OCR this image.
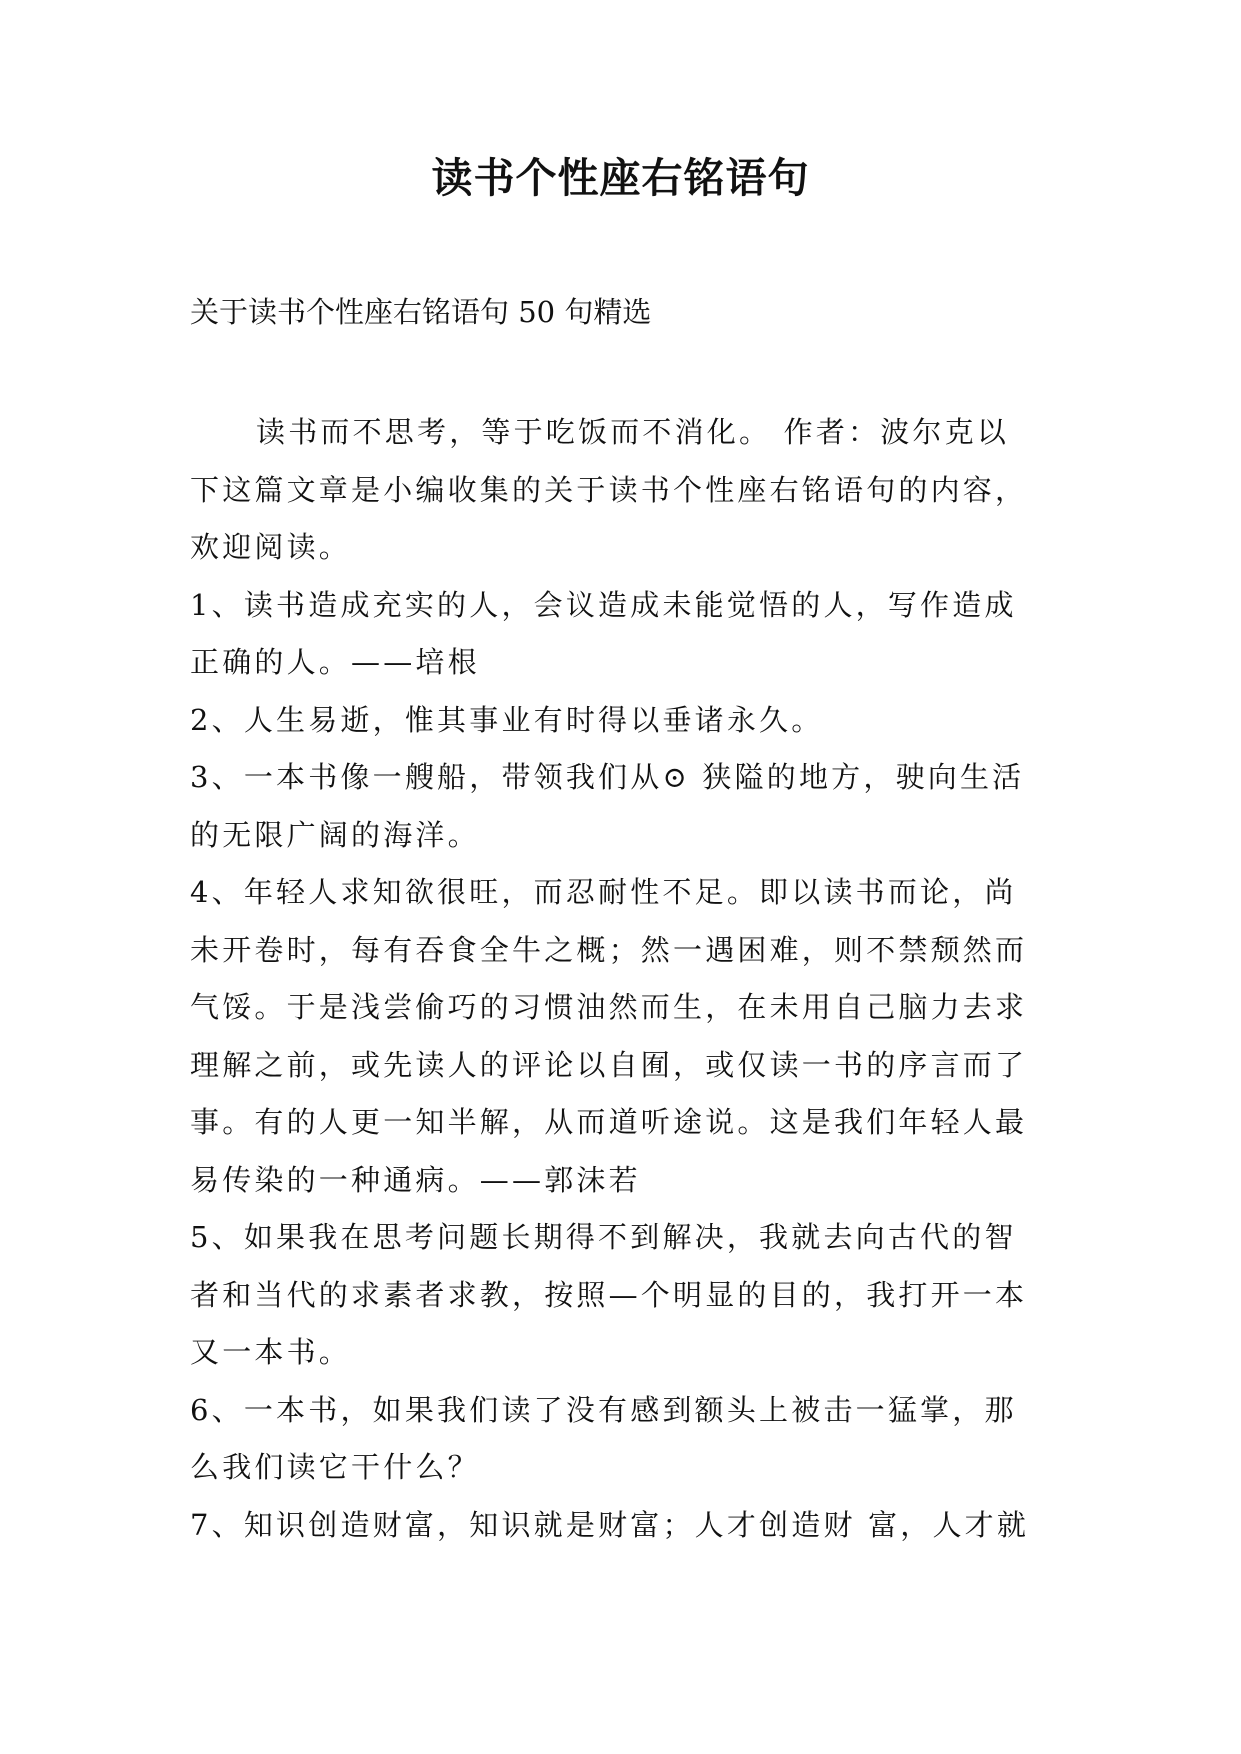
读书个性座右铭语句

关于读书个性座右铭语句 50 句精选

读书而不思考，等于吃饭而不消化。 作者：波尔克以
下这篇文章是小编收集的关于读书个性座右铭语句的内容，
欢迎阅读。
1、读书造成充实的人，会议造成未能觉悟的人，写作造成
正确的人。——培根
2、人生易逝，惟其事业有时得以垂诸永久。
3、一本书像一艘船，带领我们从⊙ 狭隘的地方，驶向生活
的无限广阔的海洋。
4、年轻人求知欲很旺，而忍耐性不足。即以读书而论，尚
未开卷时，每有吞食全牛之概；然一遇困难，则不禁颓然而
气馁。于是浅尝偷巧的习惯油然而生，在未用自己脑力去求
理解之前，或先读人的评论以自囿，或仅读一书的序言而了
事。有的人更一知半解，从而道听途说。这是我们年轻人最
易传染的一种通病。——郭沫若
5、如果我在思考问题长期得不到解决，我就去向古代的智
者和当代的求素者求教，按照—个明显的目的，我打开一本
又一本书。
6、一本书，如果我们读了没有感到额头上被击一猛掌，那
么我们读它干什么？
7、知识创造财富，知识就是财富；人才创造财 富，人才就
